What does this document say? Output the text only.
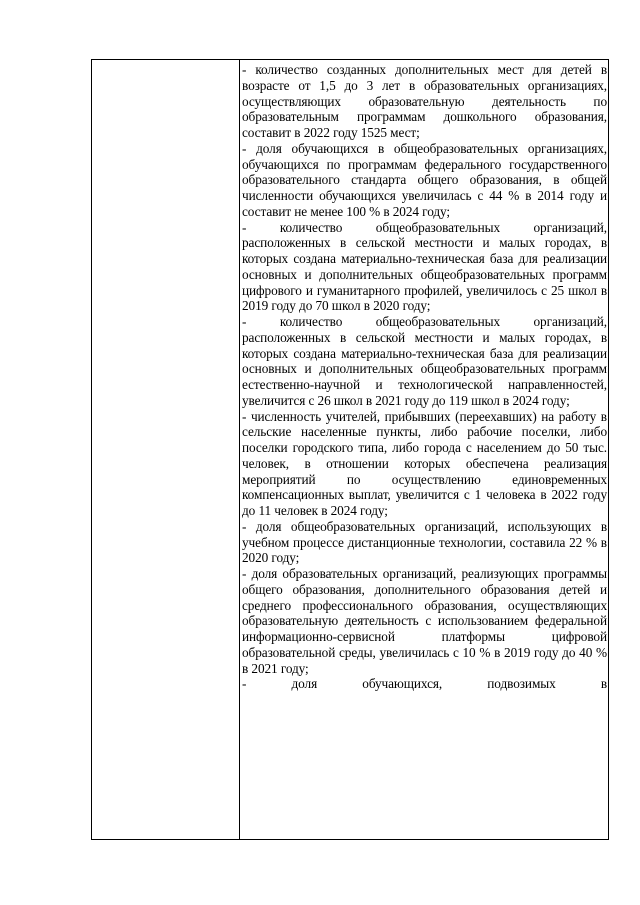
- количество созданных дополнительных мест для детей в возрасте от 1,5 до 3 лет в образовательных организациях, осуществляющих образовательную деятельность по образовательным программам дошкольного образования, составит в 2022 году 1525 мест;

- доля обучающихся в общеобразовательных организациях, обучающихся по программам федерального государственного образовательного стандарта общего образования, в общей численности обучающихся увеличилась с 44 % в 2014 году и составит не менее 100 % в 2024 году;

- количество общеобразовательных организаций, расположенных в сельской местности и малых городах, в которых создана материально-техническая база для реализации основных и дополнительных общеобразовательных программ цифрового и гуманитарного профилей, увеличилось с 25 школ в 2019 году до 70 школ в 2020 году;

- количество общеобразовательных организаций, расположенных в сельской местности и малых городах, в которых создана материально-техническая база для реализации основных и дополнительных общеобразовательных программ естественно-научной и технологической направленностей, увеличится с 26 школ в 2021 году до 119 школ в 2024 году;

- численность учителей, прибывших (переехавших) на работу в сельские населенные пункты, либо рабочие поселки, либо поселки городского типа, либо города с населением до 50 тыс. человек, в отношении которых обеспечена реализация мероприятий по осуществлению единовременных компенсационных выплат, увеличится с 1 человека в 2022 году до 11 человек в 2024 году;

- доля общеобразовательных организаций, использующих в учебном процессе дистанционные технологии, составила 22 % в 2020 году;

- доля образовательных организаций, реализующих программы общего образования, дополнительного образования детей и среднего профессионального образования, осуществляющих образовательную деятельность с использованием федеральной информационно-сервисной платформы цифровой образовательной среды, увеличилась с 10 % в 2019 году до 40 % в 2021 году;

- доля обучающихся, подвозимых в
